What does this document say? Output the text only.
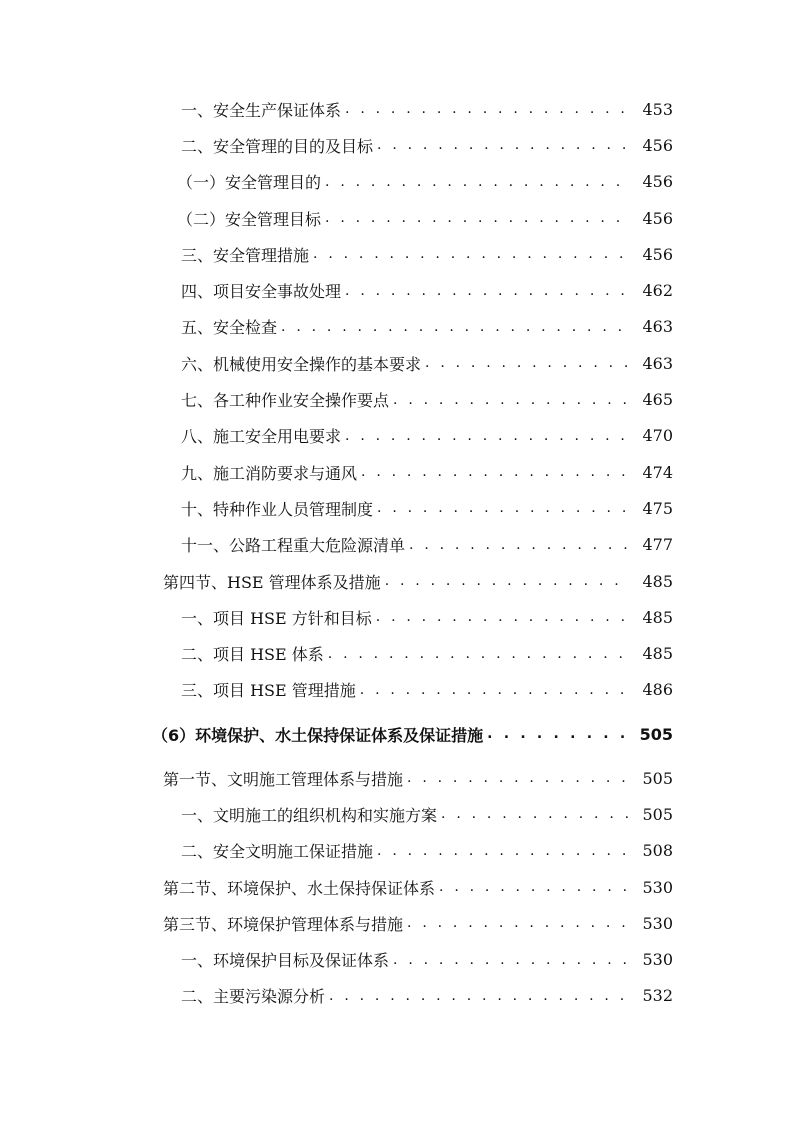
一、安全生产保证体系 . . .	453
二、安全管理的目的及目标 . . .	456
（一）安全管理目的 . . .	456
（二）安全管理目标 . . .	456
三、安全管理措施 . . .	456
四、项目安全事故处理 . . .	462
五、安全检查 . . .	463
六、机械使用安全操作的基本要求 . . .	463
七、各工种作业安全操作要点 . . .	465
八、施工安全用电要求 . . .	470
九、施工消防要求与通风 . . .	474
十、特种作业人员管理制度 . . .	475
十一、公路工程重大危险源清单 . . .	477
第四节、HSE 管理体系及措施 . . .	485
一、项目 HSE 方针和目标 . . .	485
二、项目 HSE 体系 . . .	485
三、项目 HSE 管理措施 . . .	486
（6）环境保护、水土保持保证体系及保证措施 . . .	505
第一节、文明施工管理体系与措施 . . .	505
一、文明施工的组织机构和实施方案 . . .	505
二、安全文明施工保证措施 . . .	508
第二节、环境保护、水土保持保证体系 . . .	530
第三节、环境保护管理体系与措施 . . .	530
一、环境保护目标及保证体系 . . .	530
二、主要污染源分析 . . .	532
